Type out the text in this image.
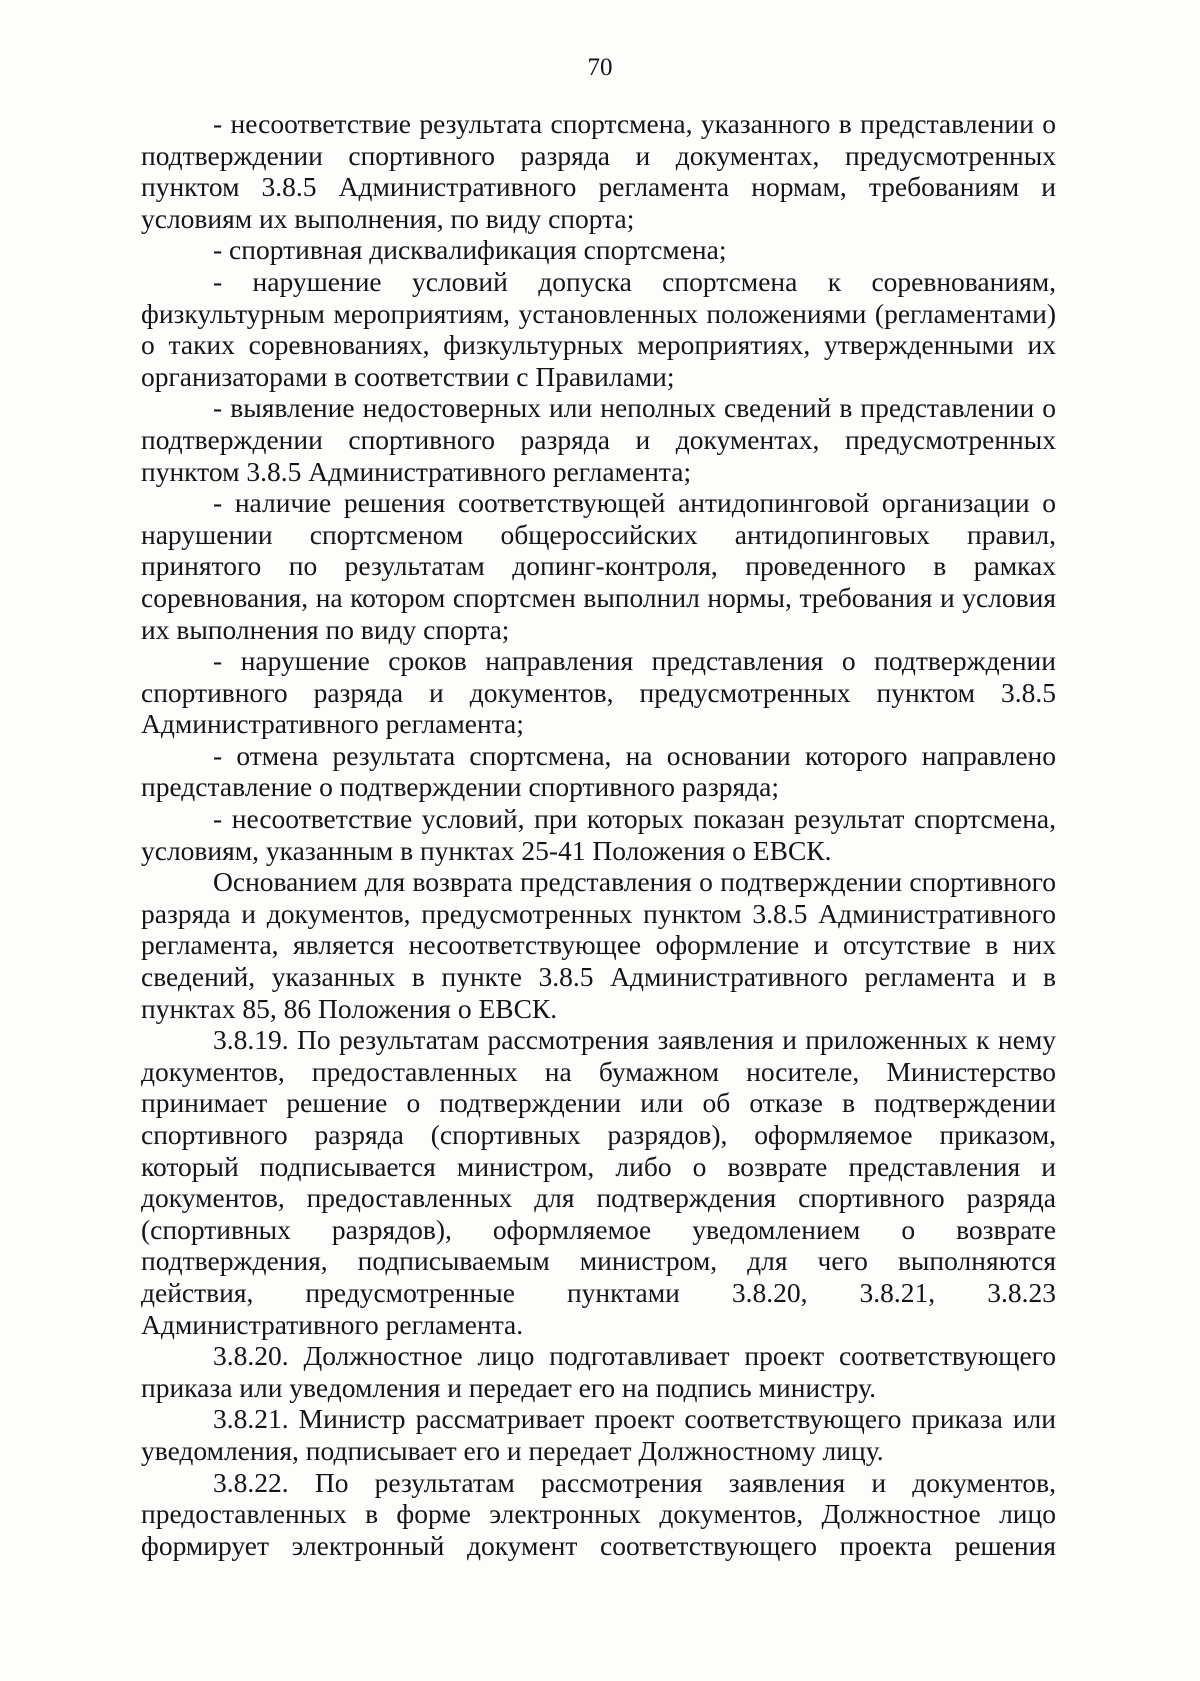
70

- несоответствие результата спортсмена, указанного в представлении о подтверждении спортивного разряда и документах, предусмотренных пунктом 3.8.5 Административного регламента нормам, требованиям и условиям их выполнения, по виду спорта;

- спортивная дисквалификация спортсмена;

- нарушение условий допуска спортсмена к соревнованиям, физкультурным мероприятиям, установленных положениями (регламентами) о таких соревнованиях, физкультурных мероприятиях, утвержденными их организаторами в соответствии с Правилами;

- выявление недостоверных или неполных сведений в представлении о подтверждении спортивного разряда и документах, предусмотренных пунктом 3.8.5 Административного регламента;

- наличие решения соответствующей антидопинговой организации о нарушении спортсменом общероссийских антидопинговых правил, принятого по результатам допинг-контроля, проведенного в рамках соревнования, на котором спортсмен выполнил нормы, требования и условия их выполнения по виду спорта;

- нарушение сроков направления представления о подтверждении спортивного разряда и документов, предусмотренных пунктом 3.8.5 Административного регламента;

- отмена результата спортсмена, на основании которого направлено представление о подтверждении спортивного разряда;

- несоответствие условий, при которых показан результат спортсмена, условиям, указанным в пунктах 25-41 Положения о ЕВСК.

Основанием для возврата представления о подтверждении спортивного разряда и документов, предусмотренных пунктом 3.8.5 Административного регламента, является несоответствующее оформление и отсутствие в них сведений, указанных в пункте 3.8.5 Административного регламента и в пунктах 85, 86 Положения о ЕВСК.

3.8.19. По результатам рассмотрения заявления и приложенных к нему документов, предоставленных на бумажном носителе, Министерство принимает решение о подтверждении или об отказе в подтверждении спортивного разряда (спортивных разрядов), оформляемое приказом, который подписывается министром, либо о возврате представления и документов, предоставленных для подтверждения спортивного разряда (спортивных разрядов), оформляемое уведомлением о возврате подтверждения, подписываемым министром, для чего выполняются действия, предусмотренные пунктами 3.8.20, 3.8.21, 3.8.23 Административного регламента.

3.8.20. Должностное лицо подготавливает проект соответствующего приказа или уведомления и передает его на подпись министру.

3.8.21. Министр рассматривает проект соответствующего приказа или уведомления, подписывает его и передает Должностному лицу.

3.8.22. По результатам рассмотрения заявления и документов, предоставленных в форме электронных документов, Должностное лицо формирует электронный документ соответствующего проекта решения
